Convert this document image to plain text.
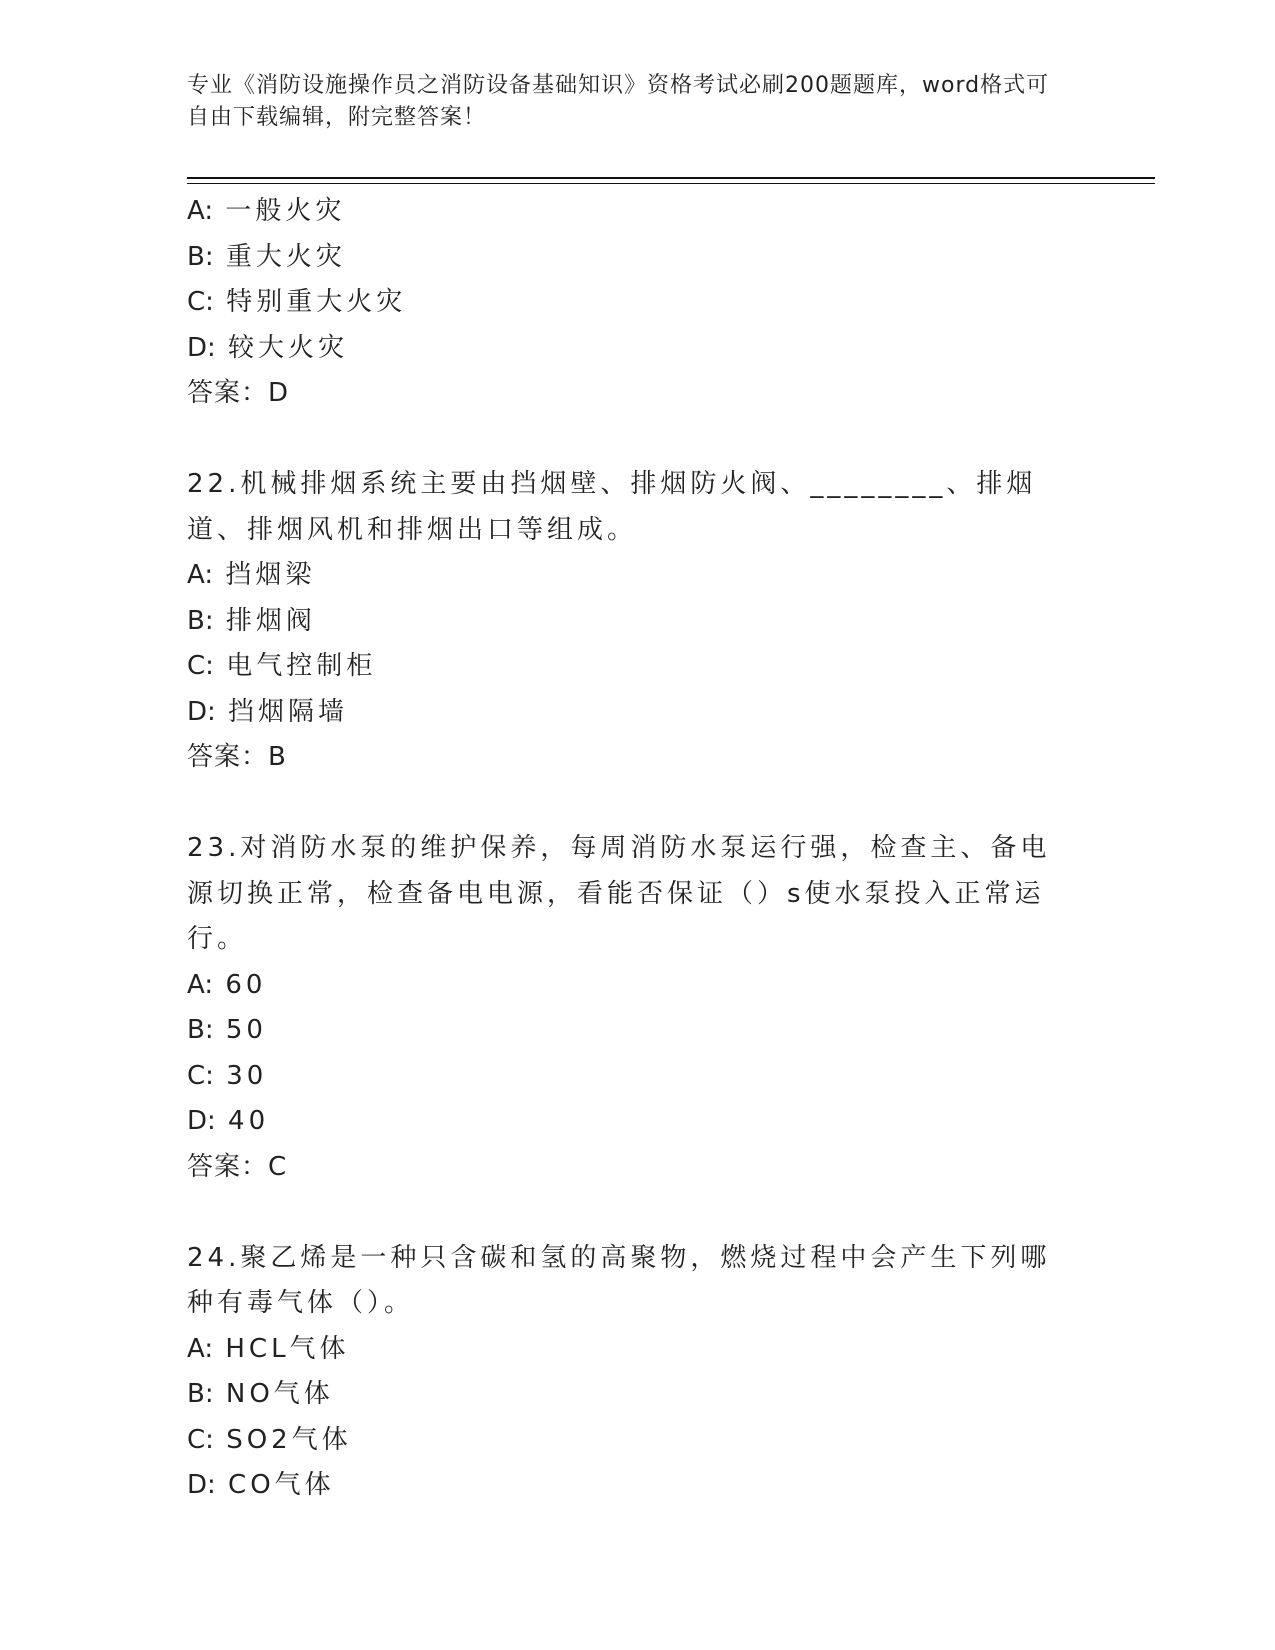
专业《消防设施操作员之消防设备基础知识》资格考试必刷200题题库，word格式可自由下载编辑，附完整答案！
A: 一般火灾
B: 重大火灾
C: 特别重大火灾
D: 较大火灾
答案：D
22.机械排烟系统主要由挡烟壁、排烟防火阀、________、排烟道、排烟风机和排烟出口等组成。
A: 挡烟梁
B: 排烟阀
C: 电气控制柜
D: 挡烟隔墙
答案：B
23.对消防水泵的维护保养，每周消防水泵运行强，检查主、备电源切换正常，检查备电电源，看能否保证（）s使水泵投入正常运行。
A: 60
B: 50
C: 30
D: 40
答案：C
24.聚乙烯是一种只含碳和氢的高聚物，燃烧过程中会产生下列哪种有毒气体（）。
A: HCL气体
B: NO气体
C: SO2气体
D: CO气体
